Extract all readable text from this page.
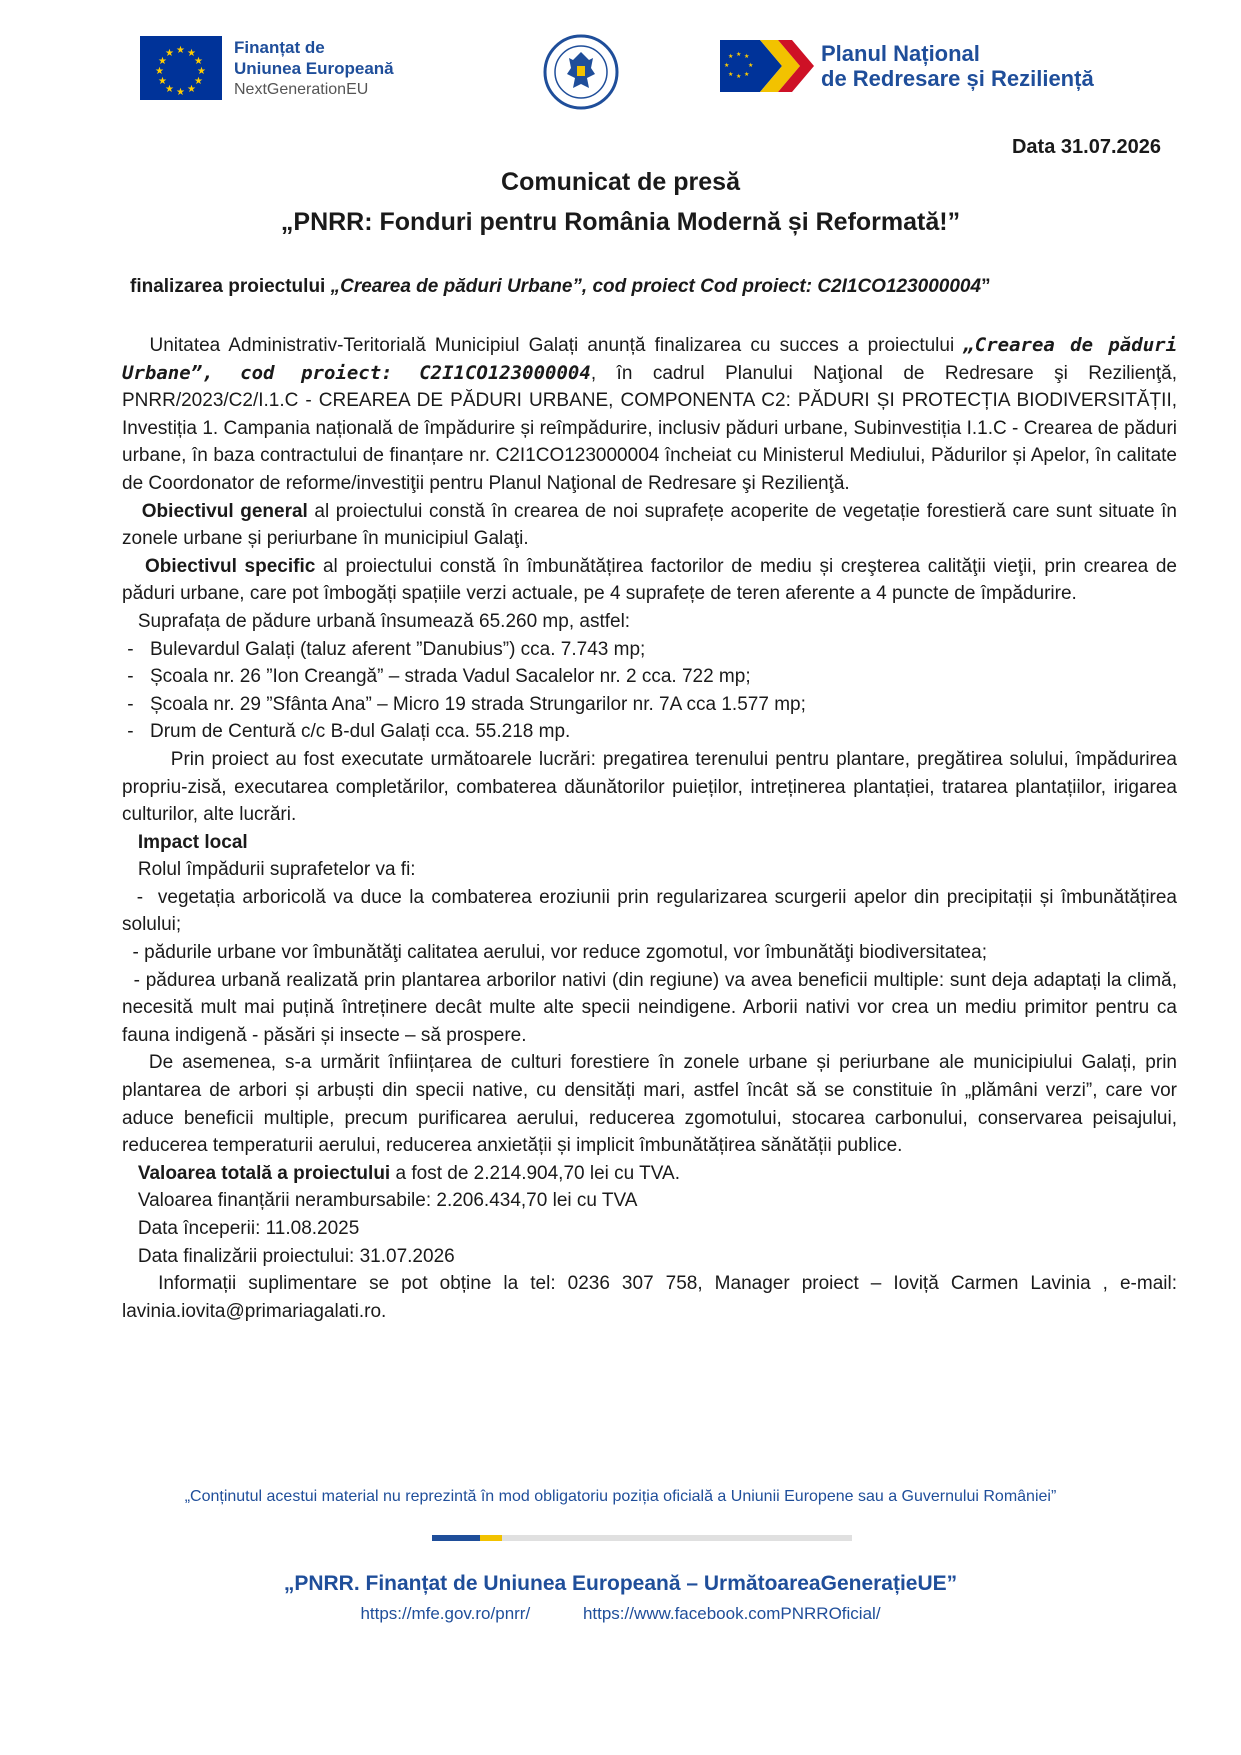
★ ★
★
★
★
★
★
★
★
★
★
★	Finanțat de
Uniunea Europeană
NextGenerationEU
★ ★
★
★
★
★
★
★	Planul Național
de Redresare și Reziliență
Data 31.07.2026
Comunicat de presă
„PNRR: Fonduri pentru România Modernă și Reformată!”
finalizarea proiectului „Crearea de păduri Urbane”, cod proiect Cod proiect: C2I1CO123000004”

Unitatea Administrativ-Teritorială Municipiul Galați anunță finalizarea cu succes a proiectului „Crearea de păduri Urbane”, cod proiect: C2I1CO123000004, în cadrul Planului Naţional de Redresare şi Rezilienţă, PNRR/2023/C2/I.1.C - CREAREA DE PĂDURI URBANE, COMPONENTA C2: PĂDURI ȘI PROTECȚIA BIODIVERSITĂȚII, Investiția 1. Campania națională de împădurire și reîmpădurire, inclusiv păduri urbane, Subinvestiția I.1.C - Crearea de păduri urbane, în baza contractului de finanțare nr. C2I1CO123000004 încheiat cu Ministerul Mediului, Pădurilor și Apelor, în calitate de Coordonator de reforme/investiţii pentru Planul Naţional de Redresare şi Rezilienţă.

Obiectivul general al proiectului constă în crearea de noi suprafețe acoperite de vegetație forestieră care sunt situate în zonele urbane și periurbane în municipiul Galaţi.

Obiectivul specific al proiectului constă în îmbunătățirea factorilor de mediu și creşterea calităţii vieţii, prin crearea de păduri urbane, care pot îmbogăți spațiile verzi actuale, pe 4 suprafețe de teren aferente a 4 puncte de împădurire.

Suprafața de pădure urbană însumează 65.260 mp, astfel:

- Bulevardul Galați (taluz aferent ”Danubius”) cca. 7.743 mp;
- Școala nr. 26 ”Ion Creangă” – strada Vadul Sacalelor nr. 2 cca. 722 mp;
- Școala nr. 29 ”Sfânta Ana” – Micro 19 strada Strungarilor nr. 7A cca 1.577 mp;
- Drum de Centură c/c B-dul Galați cca. 55.218 mp.

Prin proiect au fost executate următoarele lucrări: pregatirea terenului pentru plantare, pregătirea solului, împădurirea propriu-zisă, executarea completărilor, combaterea dăunătorilor puieților, intreținerea plantației, tratarea plantațiilor, irigarea culturilor, alte lucrări.

Impact local

Rolul împădurii suprafetelor va fi:

-  vegetația arboricolă va duce la combaterea eroziunii prin regularizarea scurgerii apelor din precipitații și îmbunătățirea solului;

- pădurile urbane vor îmbunătăţi calitatea aerului, vor reduce zgomotul, vor îmbunătăţi biodiversitatea;

- pădurea urbană realizată prin plantarea arborilor nativi (din regiune) va avea beneficii multiple: sunt deja adaptați la climă, necesită mult mai puțină întreținere decât multe alte specii neindigene. Arborii nativi vor crea un mediu primitor pentru ca fauna indigenă - păsări și insecte – să prospere.

De asemenea, s-a urmărit înființarea de culturi forestiere în zonele urbane și periurbane ale municipiului Galați, prin plantarea de arbori și arbuști din specii native, cu densități mari, astfel încât să se constituie în „plămâni verzi”, care vor aduce beneficii multiple, precum purificarea aerului, reducerea zgomotului, stocarea carbonului, conservarea peisajului, reducerea temperaturii aerului, reducerea anxietății și implicit îmbunătățirea sănătății publice.

Valoarea totală a proiectului a fost de 2.214.904,70 lei cu TVA.

Valoarea finanțării nerambursabile: 2.206.434,70 lei cu TVA

Data începerii: 11.08.2025

Data finalizării proiectului: 31.07.2026

Informații suplimentare se pot obține la tel: 0236 307 758, Manager proiect – Ioviță Carmen Lavinia , e-mail: lavinia.iovita@primariagalati.ro.

„Conținutul acestui material nu reprezintă în mod obligatoriu poziția oficială a Uniunii Europene sau a Guvernului României”
„PNRR. Finanțat de Uniunea Europeană – UrmătoareaGenerațieUE”
https://mfe.gov.ro/pnrr/	https://www.facebook.comPNRROficial/
